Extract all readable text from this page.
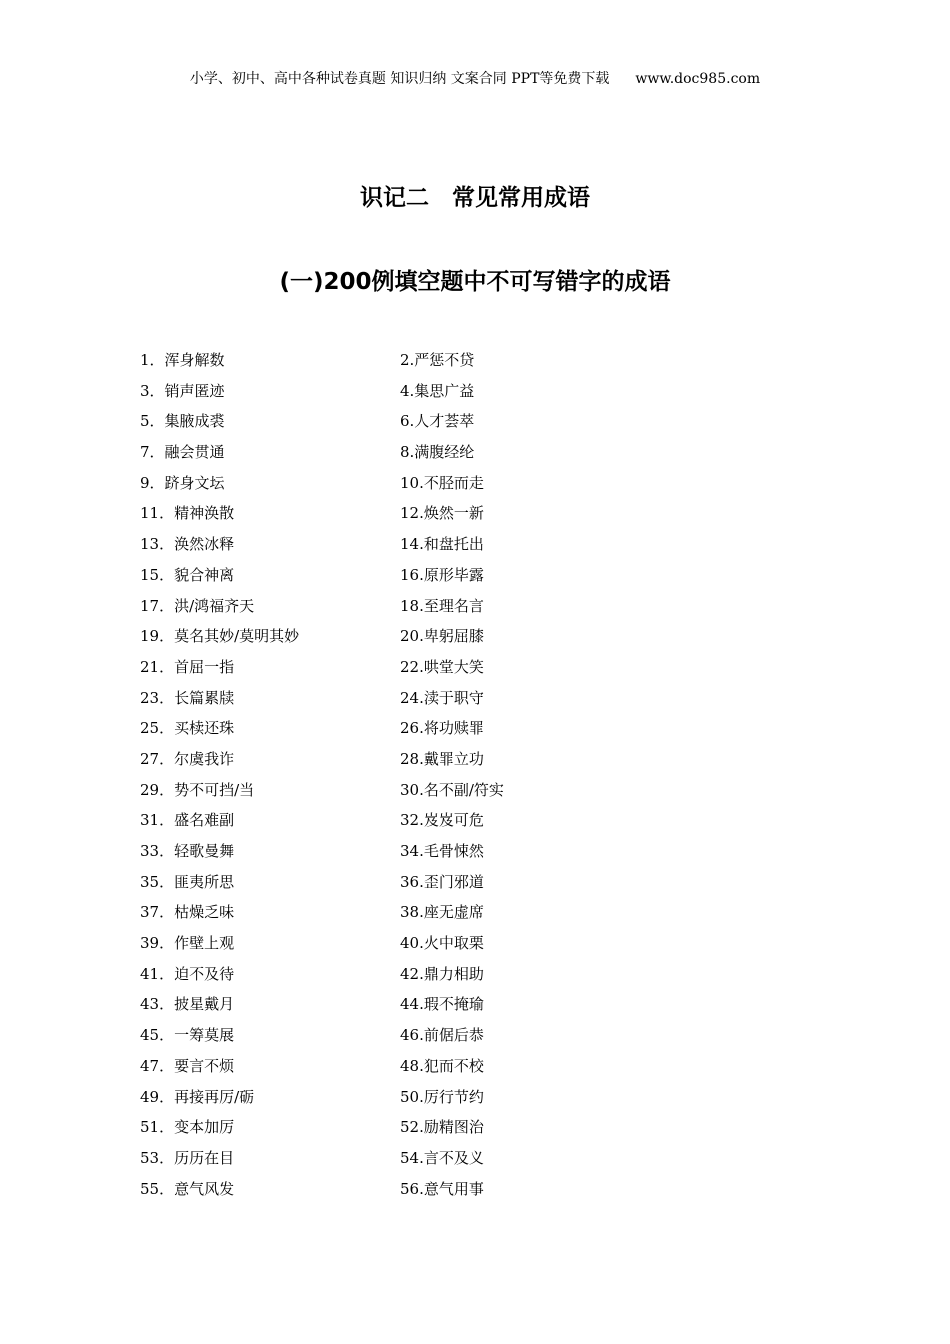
小学、初中、高中各种试卷真题 知识归纳 文案合同 PPT等免费下载 www.doc985.com
识记二　常见常用成语
(一)200例填空题中不可写错字的成语
1．浑身解数	2.严惩不贷
3．销声匿迹	4.集思广益
5．集腋成裘	6.人才荟萃
7．融会贯通	8.满腹经纶
9．跻身文坛	10.不胫而走
11．精神涣散	12.焕然一新
13．涣然冰释	14.和盘托出
15．貌合神离	16.原形毕露
17．洪/鸿福齐天	18.至理名言
19．莫名其妙/莫明其妙	20.卑躬屈膝
21．首屈一指	22.哄堂大笑
23．长篇累牍	24.渎于职守
25．买椟还珠	26.将功赎罪
27．尔虞我诈	28.戴罪立功
29．势不可挡/当	30.名不副/符实
31．盛名难副	32.岌岌可危
33．轻歌曼舞	34.毛骨悚然
35．匪夷所思	36.歪门邪道
37．枯燥乏味	38.座无虚席
39．作壁上观	40.火中取栗
41．迫不及待	42.鼎力相助
43．披星戴月	44.瑕不掩瑜
45．一筹莫展	46.前倨后恭
47．要言不烦	48.犯而不校
49．再接再厉/砺	50.厉行节约
51．变本加厉	52.励精图治
53．历历在目	54.言不及义
55．意气风发	56.意气用事
